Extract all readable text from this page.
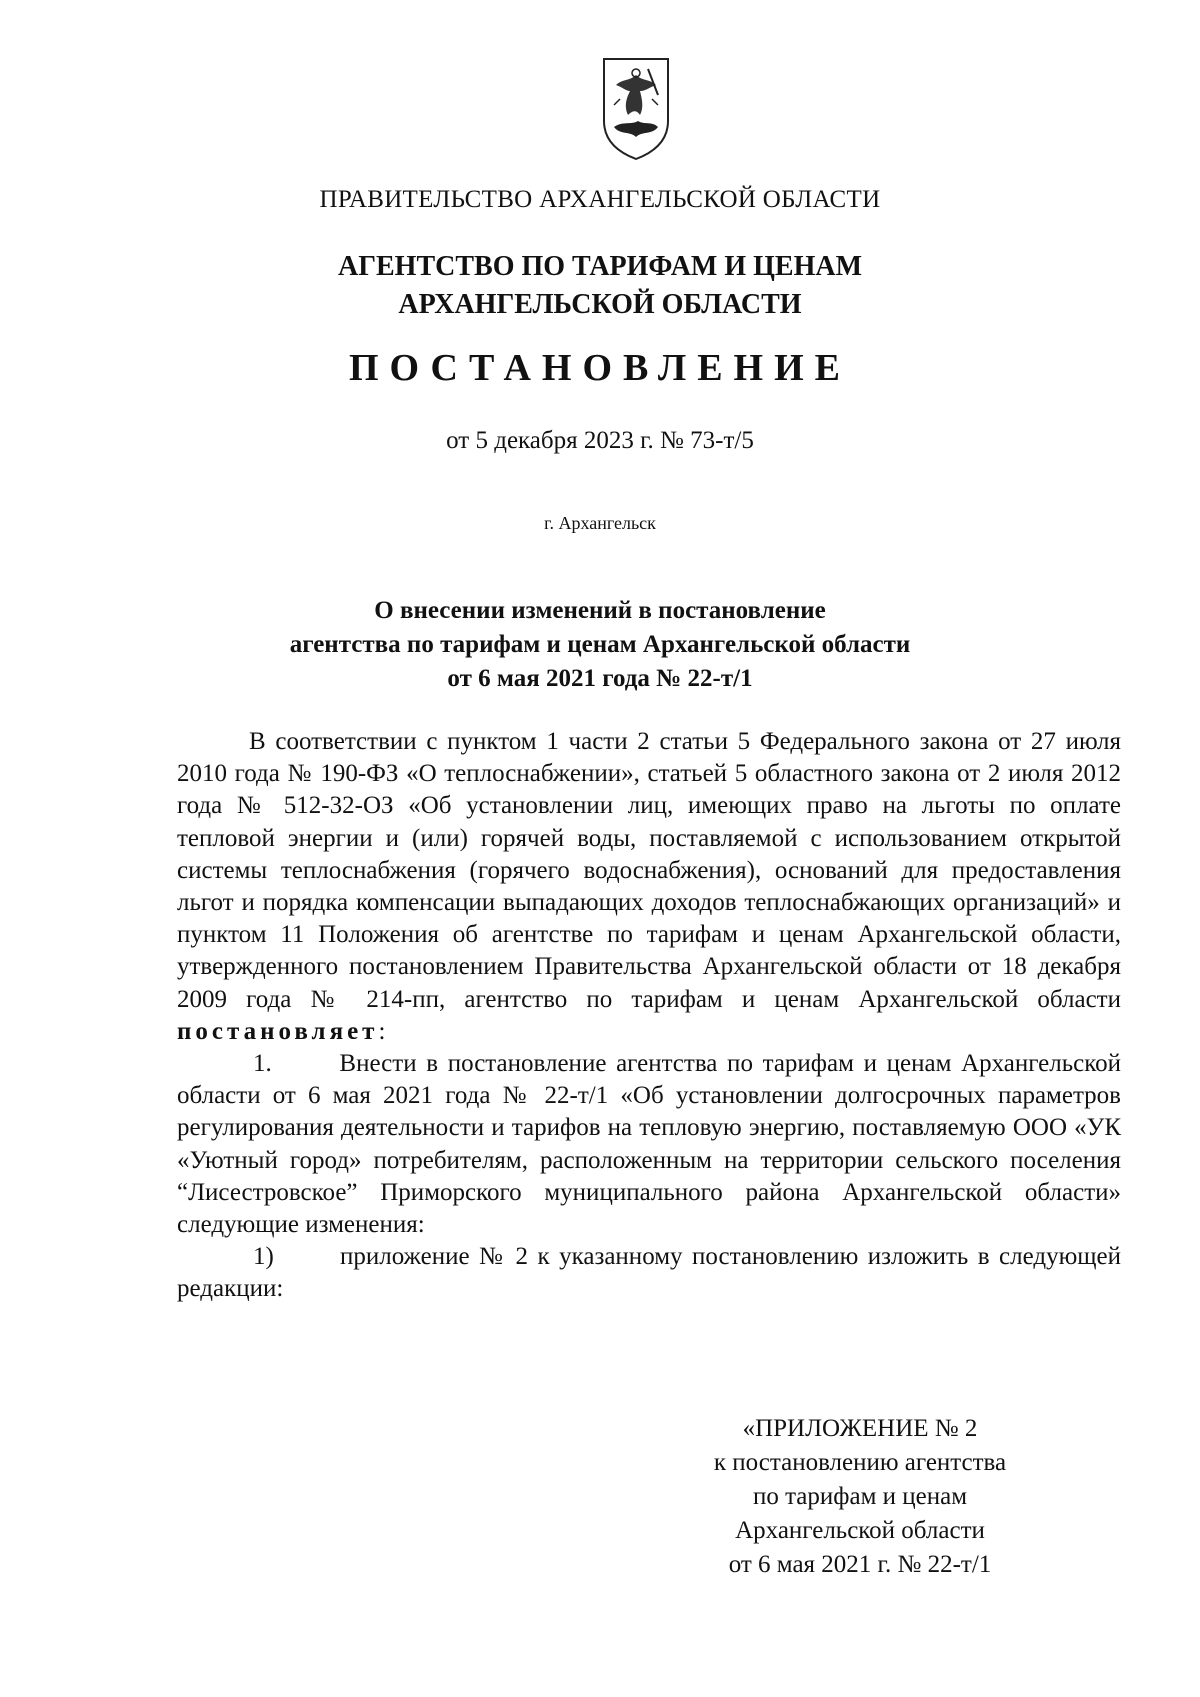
ПРАВИТЕЛЬСТВО АРХАНГЕЛЬСКОЙ ОБЛАСТИ
АГЕНТСТВО ПО ТАРИФАМ И ЦЕНАМ
АРХАНГЕЛЬСКОЙ ОБЛАСТИ
ПОСТАНОВЛЕНИЕ
от 5 декабря 2023 г. № 73-т/5
г. Архангельск
О внесении изменений в постановление
агентства по тарифам и ценам Архангельской области
от 6 мая 2021 года № 22-т/1

В соответствии с пунктом 1 части 2 статьи 5 Федерального закона от 27 июля 2010 года № 190-ФЗ «О теплоснабжении», статьей 5 областного закона от 2 июля 2012 года № 512-32-ОЗ «Об установлении лиц, имеющих право на льготы по оплате тепловой энергии и (или) горячей воды, поставляемой с использованием открытой системы теплоснабжения (горячего водоснабжения), оснований для предоставления льгот и порядка компенсации выпадающих доходов теплоснабжающих организаций» и пунктом 11 Положения об агентстве по тарифам и ценам Архангельской области, утвержденного постановлением Правительства Архангельской области от 18 декабря 2009 года № 214-пп, агентство по тарифам и ценам Архангельской области постановляет:

1.	Внести в постановление агентства по тарифам и ценам Архангельской области от 6 мая 2021 года № 22-т/1 «Об установлении долгосрочных параметров регулирования деятельности и тарифов на тепловую энергию, поставляемую ООО «УК «Уютный город» потребителям, расположенным на территории сельского поселения “Лисестровское” Приморского муниципального района Архангельской области» следующие изменения:

1)	приложение № 2 к указанному постановлению изложить в следующей редакции:

«ПРИЛОЖЕНИЕ № 2
к постановлению агентства
по тарифам и ценам
Архангельской области
от 6 мая 2021 г. № 22-т/1
